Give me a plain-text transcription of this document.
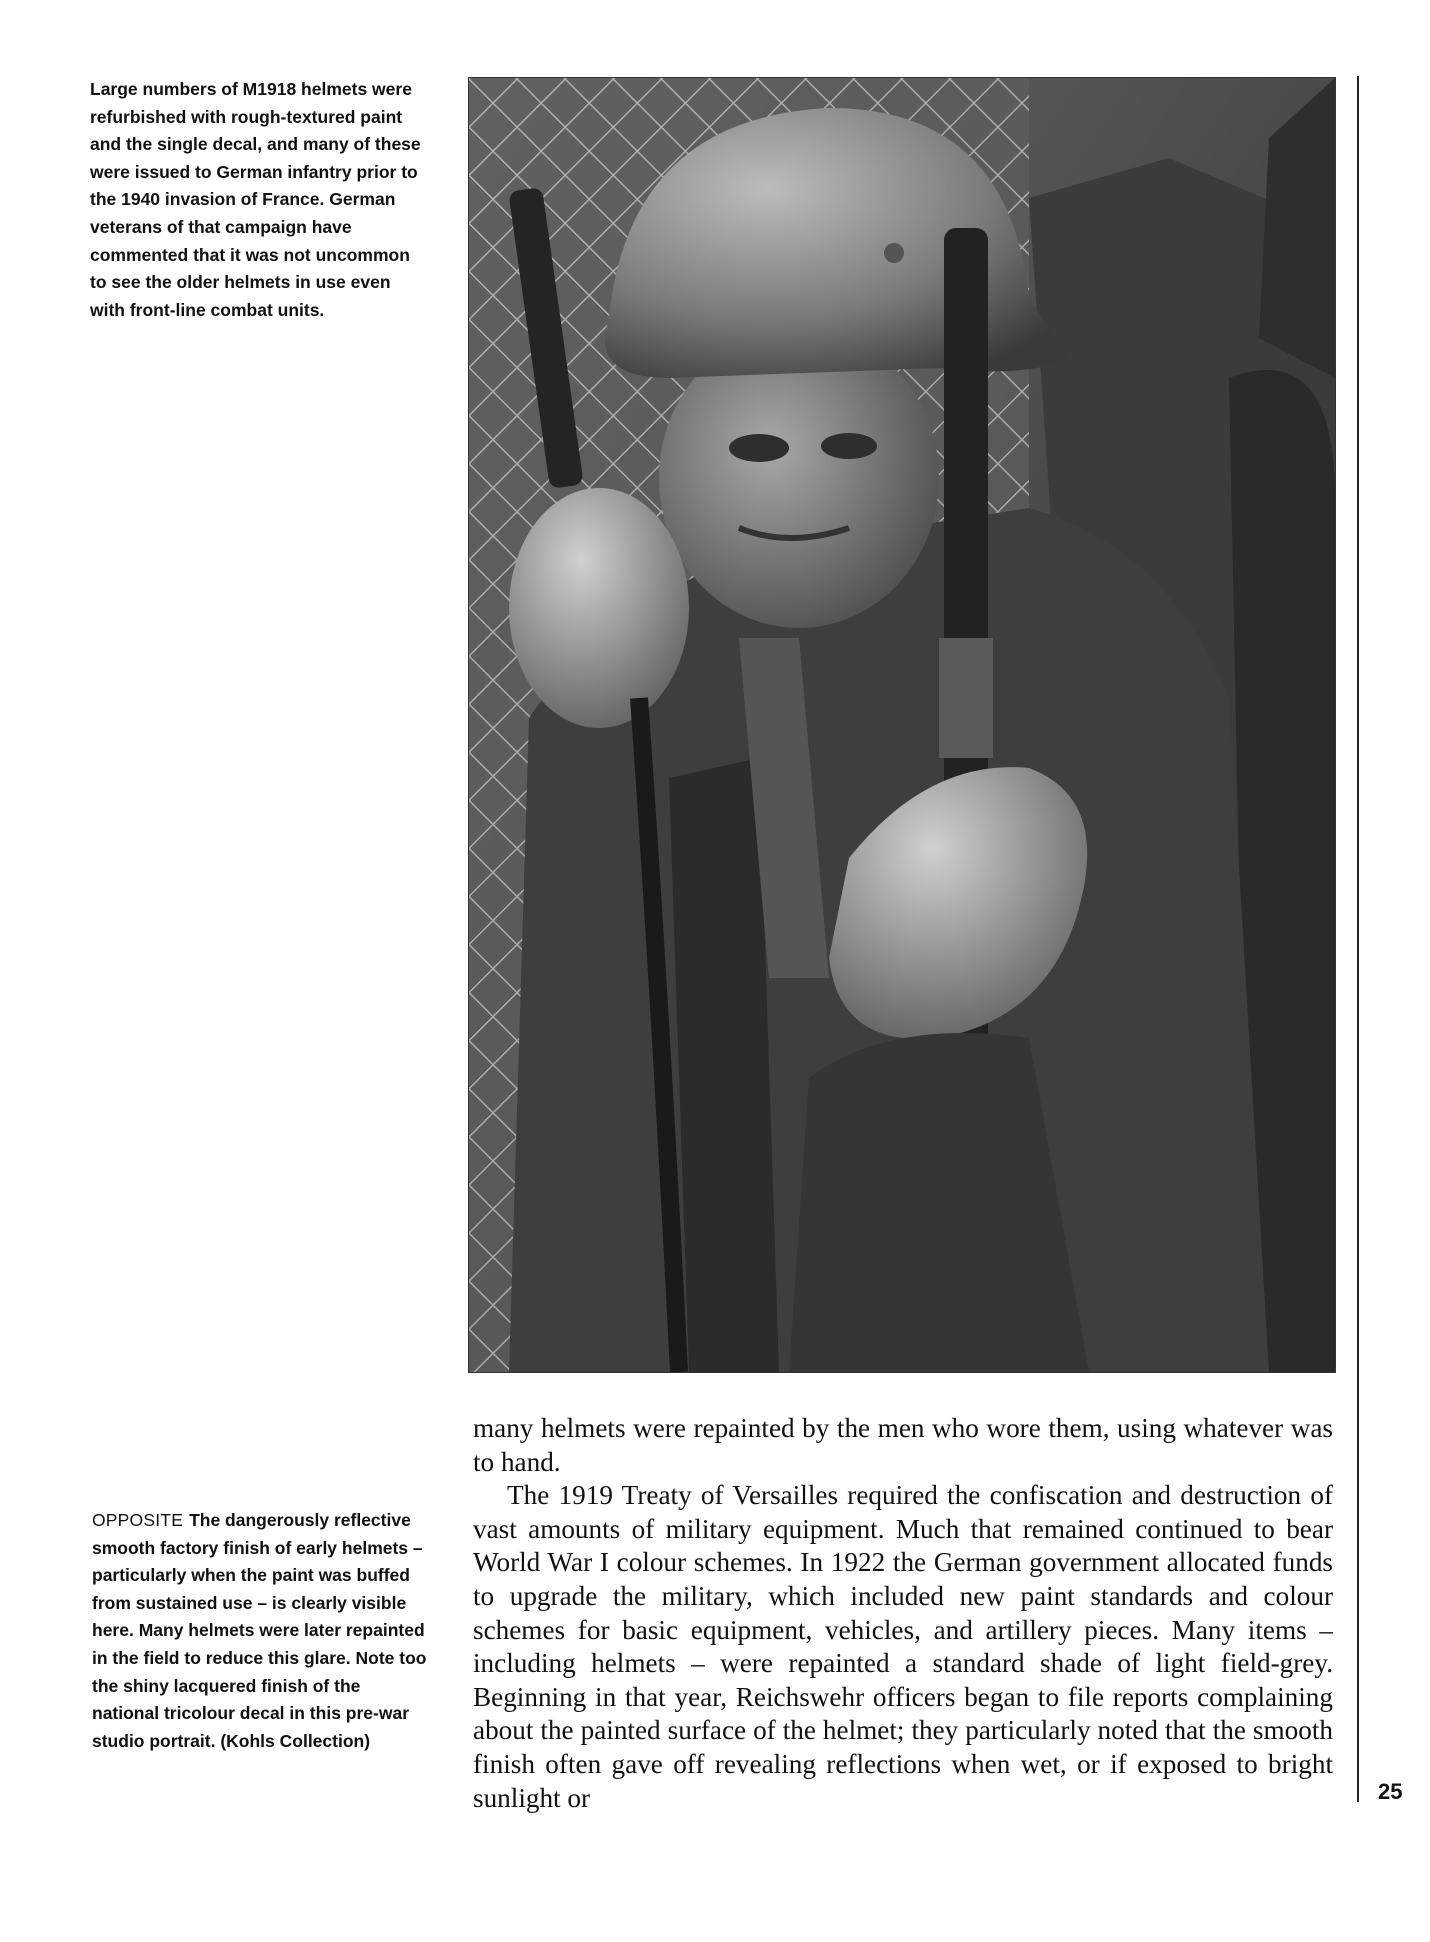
Large numbers of M1918 helmets were refurbished with rough-textured paint and the single decal, and many of these were issued to German infantry prior to the 1940 invasion of France. German veterans of that campaign have commented that it was not uncommon to see the older helmets in use even with front-line combat units.
OPPOSITE The dangerously reflective smooth factory finish of early helmets – particularly when the paint was buffed from sustained use – is clearly visible here. Many helmets were later repainted in the field to reduce this glare. Note too the shiny lacquered finish of the national tricolour decal in this pre-war studio portrait. (Kohls Collection)

many helmets were repainted by the men who wore them, using whatever was to hand.

The 1919 Treaty of Versailles required the confiscation and destruction of vast amounts of military equipment. Much that remained continued to bear World War I colour schemes. In 1922 the German government allocated funds to upgrade the military, which included new paint standards and colour schemes for basic equipment, vehicles, and artillery pieces. Many items – including helmets – were repainted a standard shade of light field-grey. Beginning in that year, Reichswehr officers began to file reports complaining about the painted surface of the helmet; they particularly noted that the smooth finish often gave off revealing reflections when wet, or if exposed to bright sunlight or	25
